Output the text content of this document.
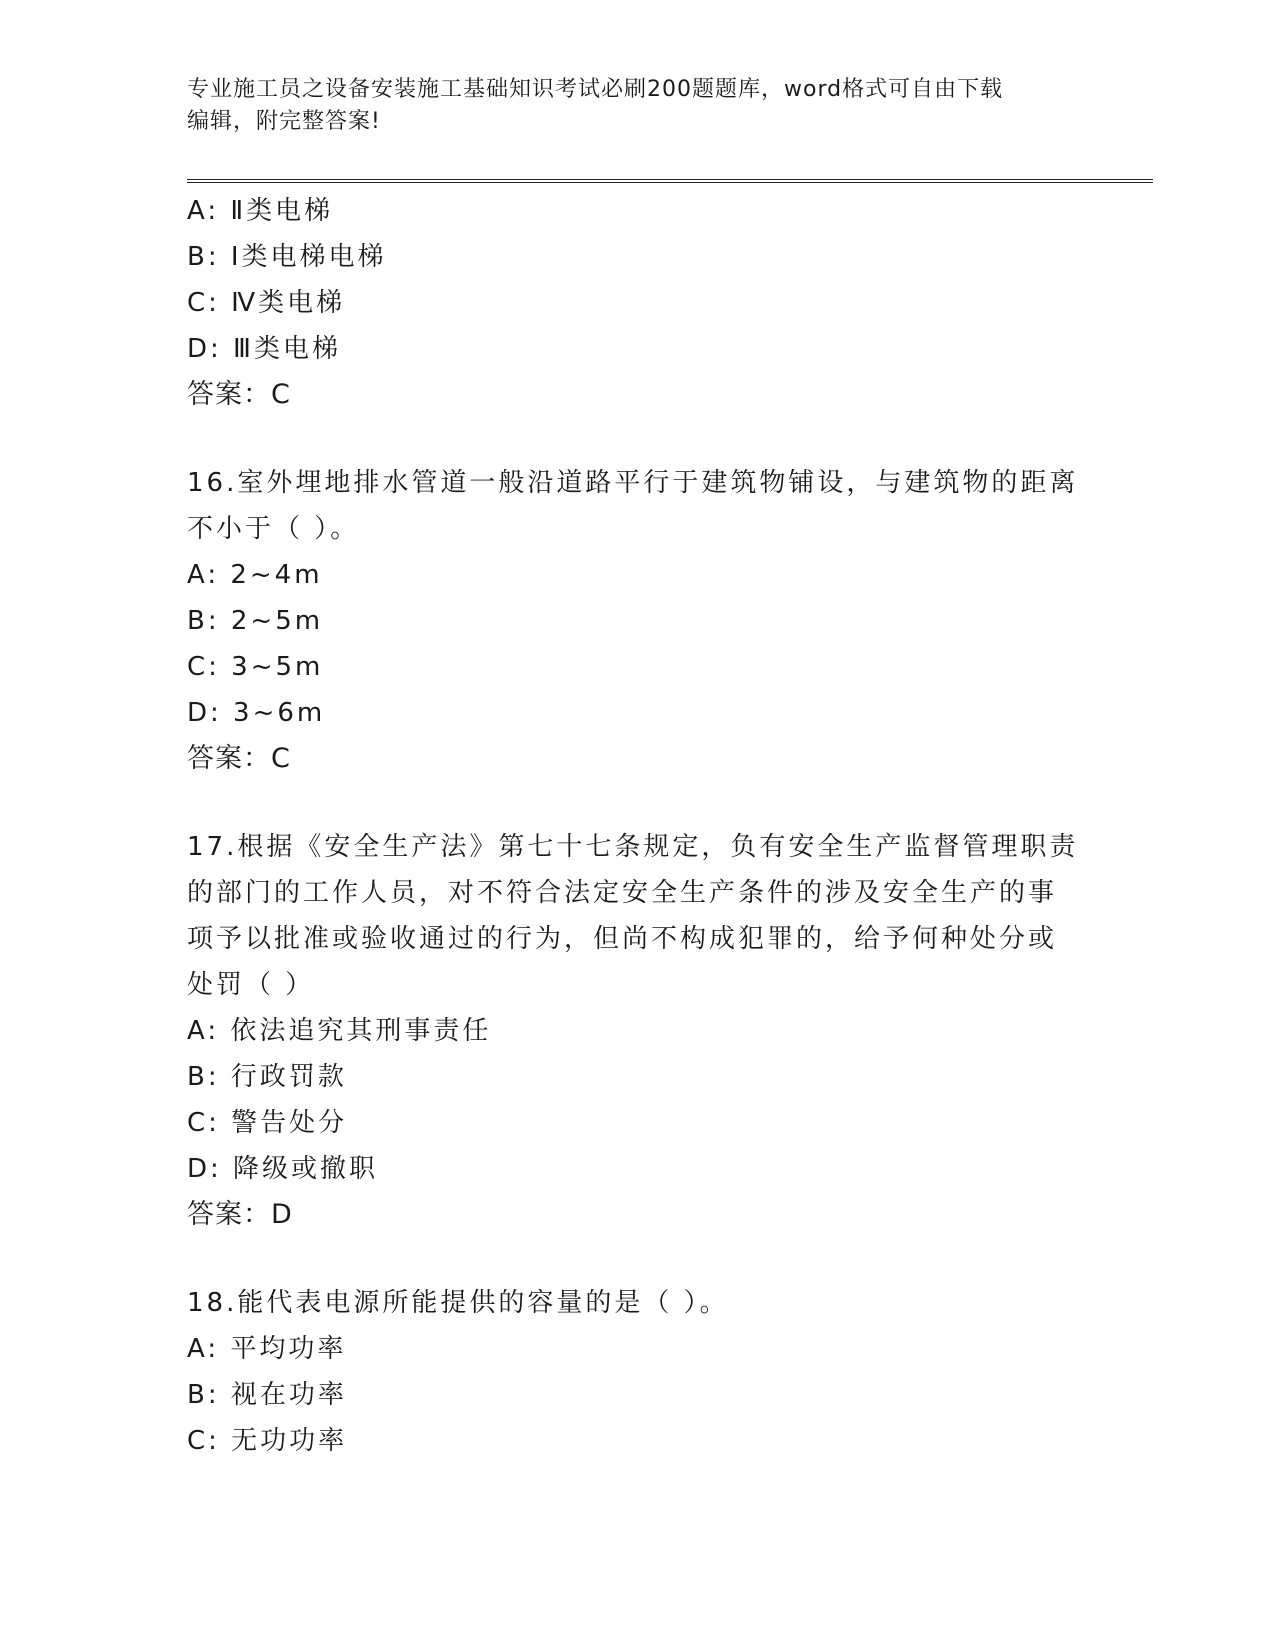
专业施工员之设备安装施工基础知识考试必刷200题题库，word格式可自由下载
编辑，附完整答案!
A: Ⅱ类电梯
B: Ⅰ类电梯电梯
C: Ⅳ类电梯
D: Ⅲ类电梯
答案：C
16.室外埋地排水管道一般沿道路平行于建筑物铺设，与建筑物的距离
不小于（ ）。
A: 2~4m
B: 2~5m
C: 3~5m
D: 3~6m
答案：C
17.根据《安全生产法》第七十七条规定，负有安全生产监督管理职责
的部门的工作人员，对不符合法定安全生产条件的涉及安全生产的事
项予以批准或验收通过的行为，但尚不构成犯罪的，给予何种处分或
处罚（ ）
A: 依法追究其刑事责任
B: 行政罚款
C: 警告处分
D: 降级或撤职
答案：D
18.能代表电源所能提供的容量的是（ ）。
A: 平均功率
B: 视在功率
C: 无功功率
